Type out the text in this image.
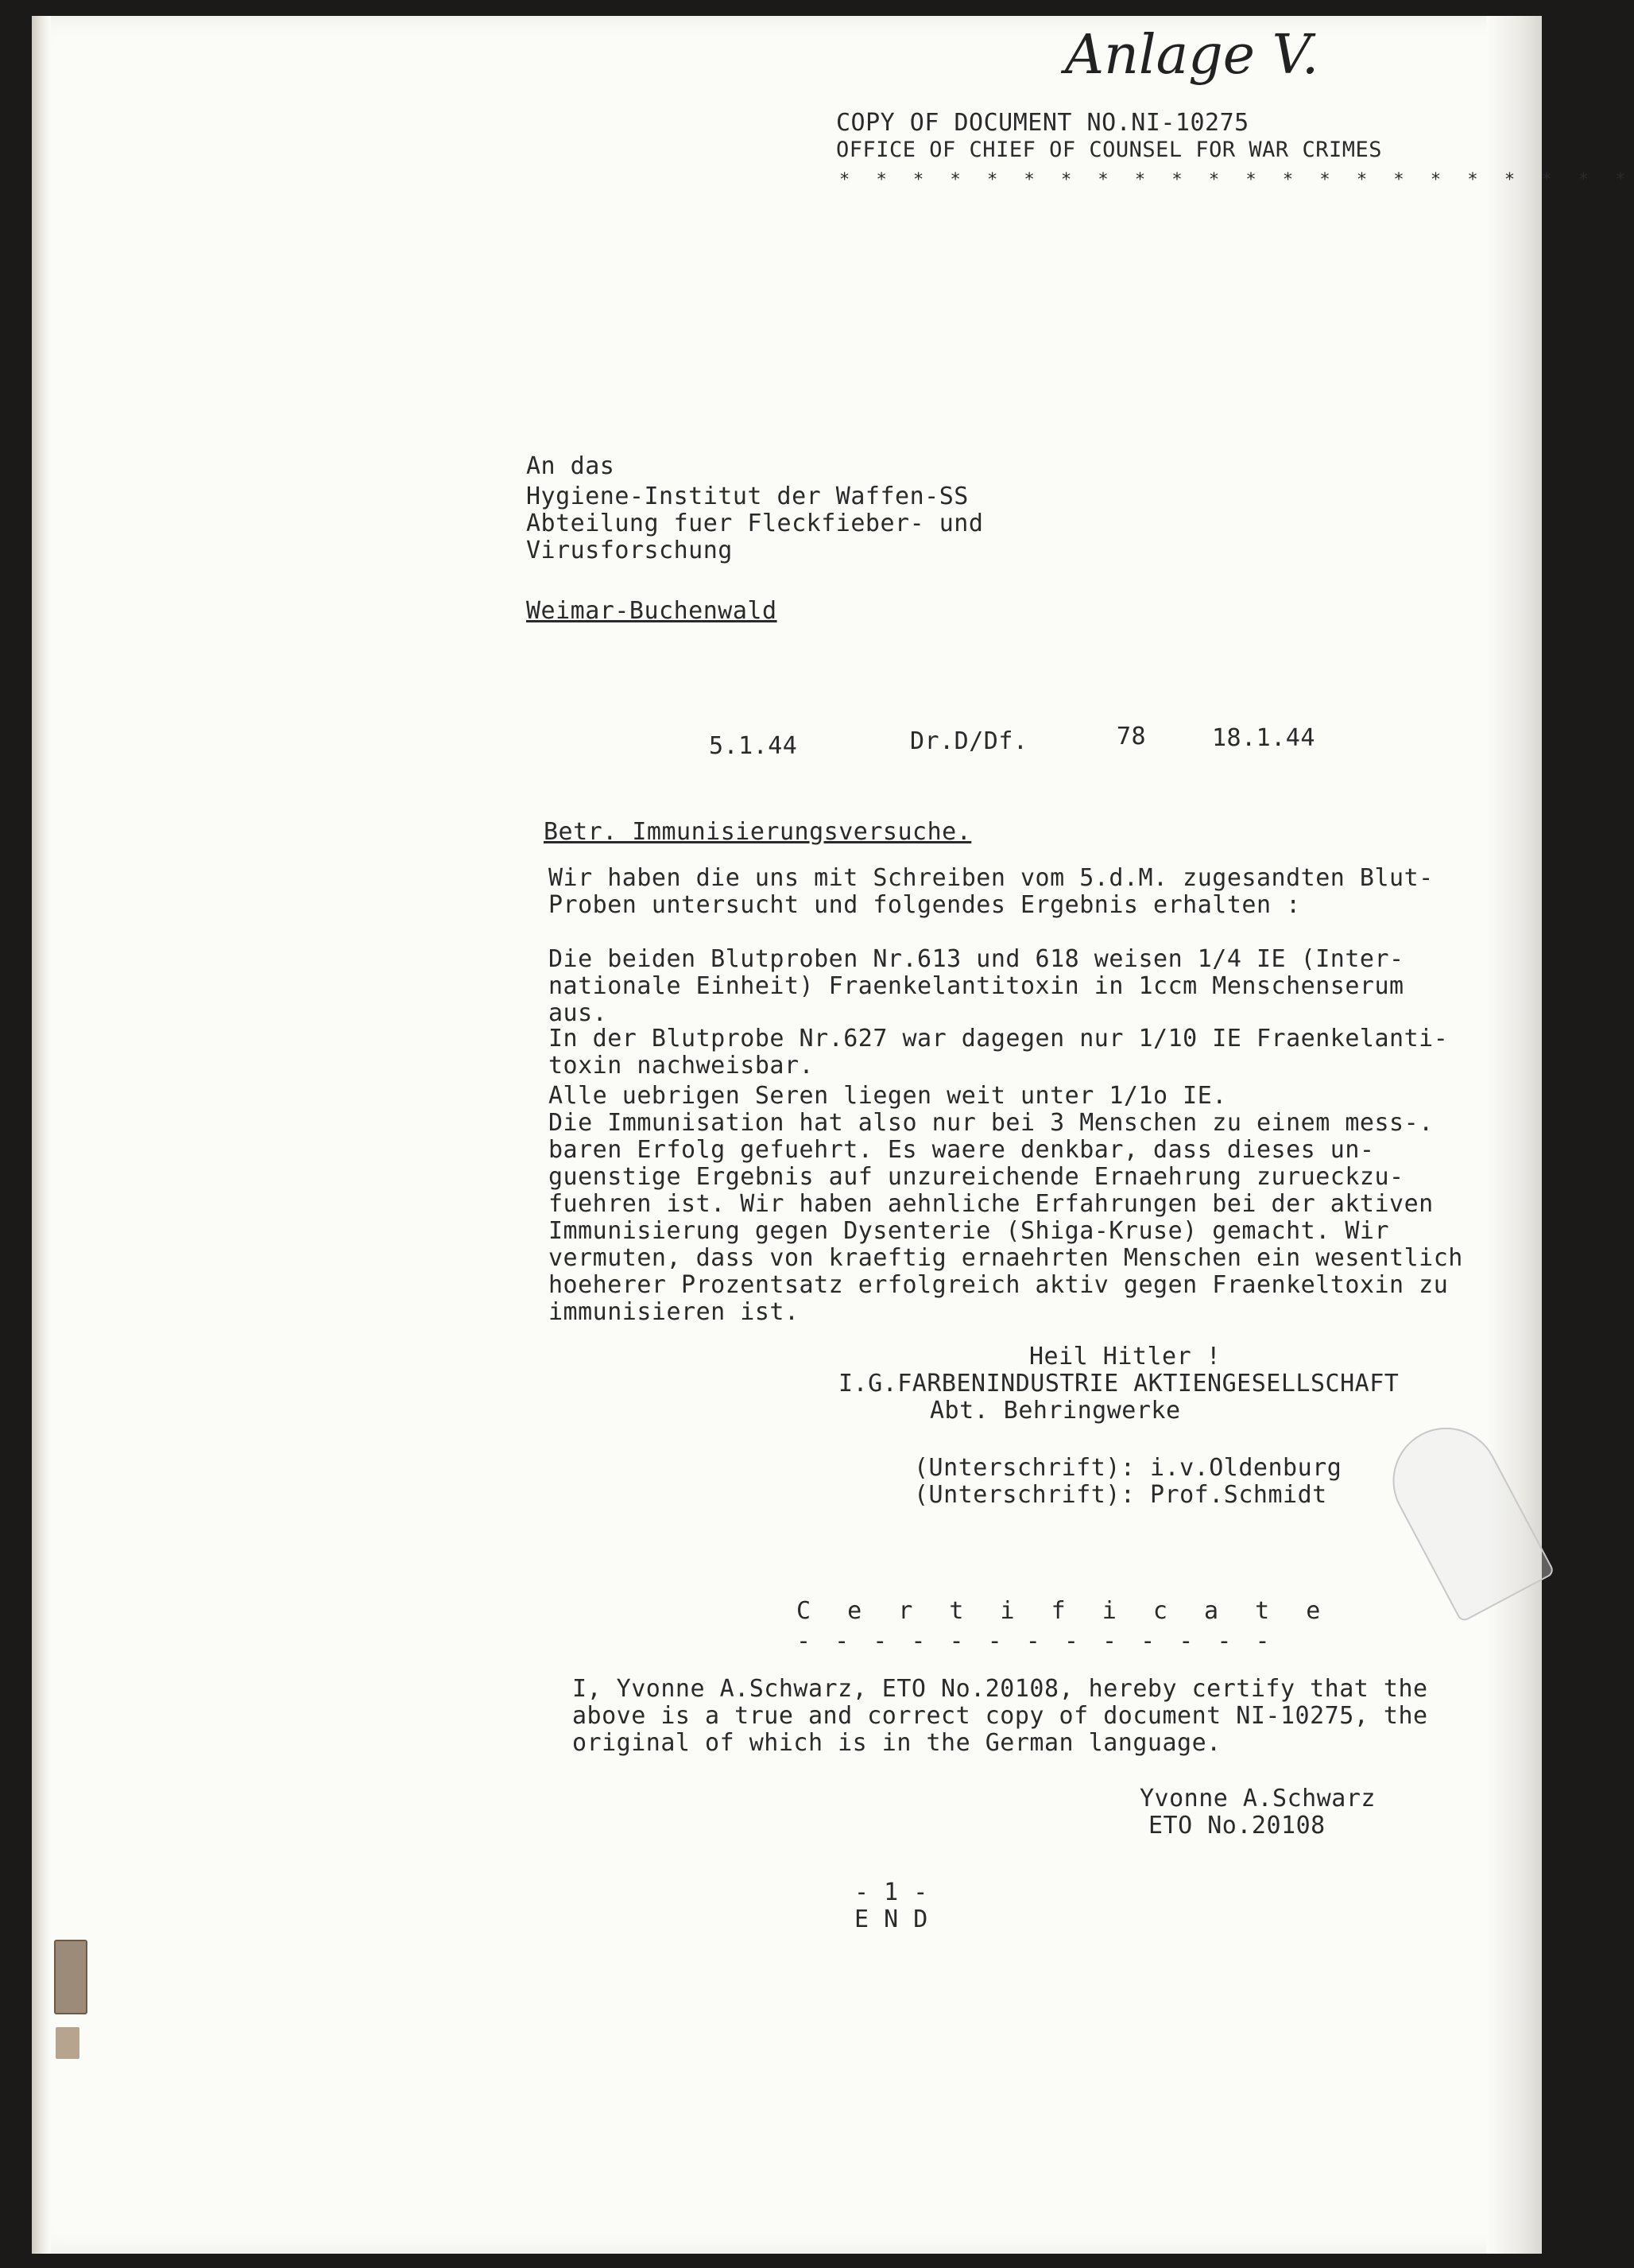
Anlage V.
COPY OF DOCUMENT NO.NI-10275
OFFICE OF CHIEF OF COUNSEL FOR WAR CRIMES
* * * * * * * * * * * * * * * * * * * * * *
An das
Hygiene-Institut der Waffen-SS
Abteilung fuer Fleckfieber- und
Virusforschung
Weimar-Buchenwald
5.1.44	Dr.D/Df.	78	18.1.44
Betr. Immunisierungsversuche.
Wir haben die uns mit Schreiben vom 5.d.M. zugesandten Blut-
Proben untersucht und folgendes Ergebnis erhalten :
Die beiden Blutproben Nr.613 und 618 weisen 1/4 IE (Inter-
nationale Einheit) Fraenkelantitoxin in 1ccm Menschenserum
aus.
In der Blutprobe Nr.627 war dagegen nur 1/10 IE Fraenkelanti-
toxin nachweisbar.
Alle uebrigen Seren liegen weit unter 1/1o IE.
Die Immunisation hat also nur bei 3 Menschen zu einem mess-.
baren Erfolg gefuehrt. Es waere denkbar, dass dieses un-
guenstige Ergebnis auf unzureichende Ernaehrung zurueckzu-
fuehren ist. Wir haben aehnliche Erfahrungen bei der aktiven
Immunisierung gegen Dysenterie (Shiga-Kruse) gemacht. Wir
vermuten, dass von kraeftig ernaehrten Menschen ein wesentlich
hoeherer Prozentsatz erfolgreich aktiv gegen Fraenkeltoxin zu
immunisieren ist.
Heil Hitler !
I.G.FARBENINDUSTRIE AKTIENGESELLSCHAFT
Abt. Behringwerke
(Unterschrift): i.v.Oldenburg
(Unterschrift): Prof.Schmidt
C e r t i f i c a t e
- - - - - - - - - - - - -
I, Yvonne A.Schwarz, ETO No.20108, hereby certify that the
above is a true and correct copy of document NI-10275, the
original of which is in the German language.
Yvonne A.Schwarz
ETO No.20108
- 1 -
E N D
